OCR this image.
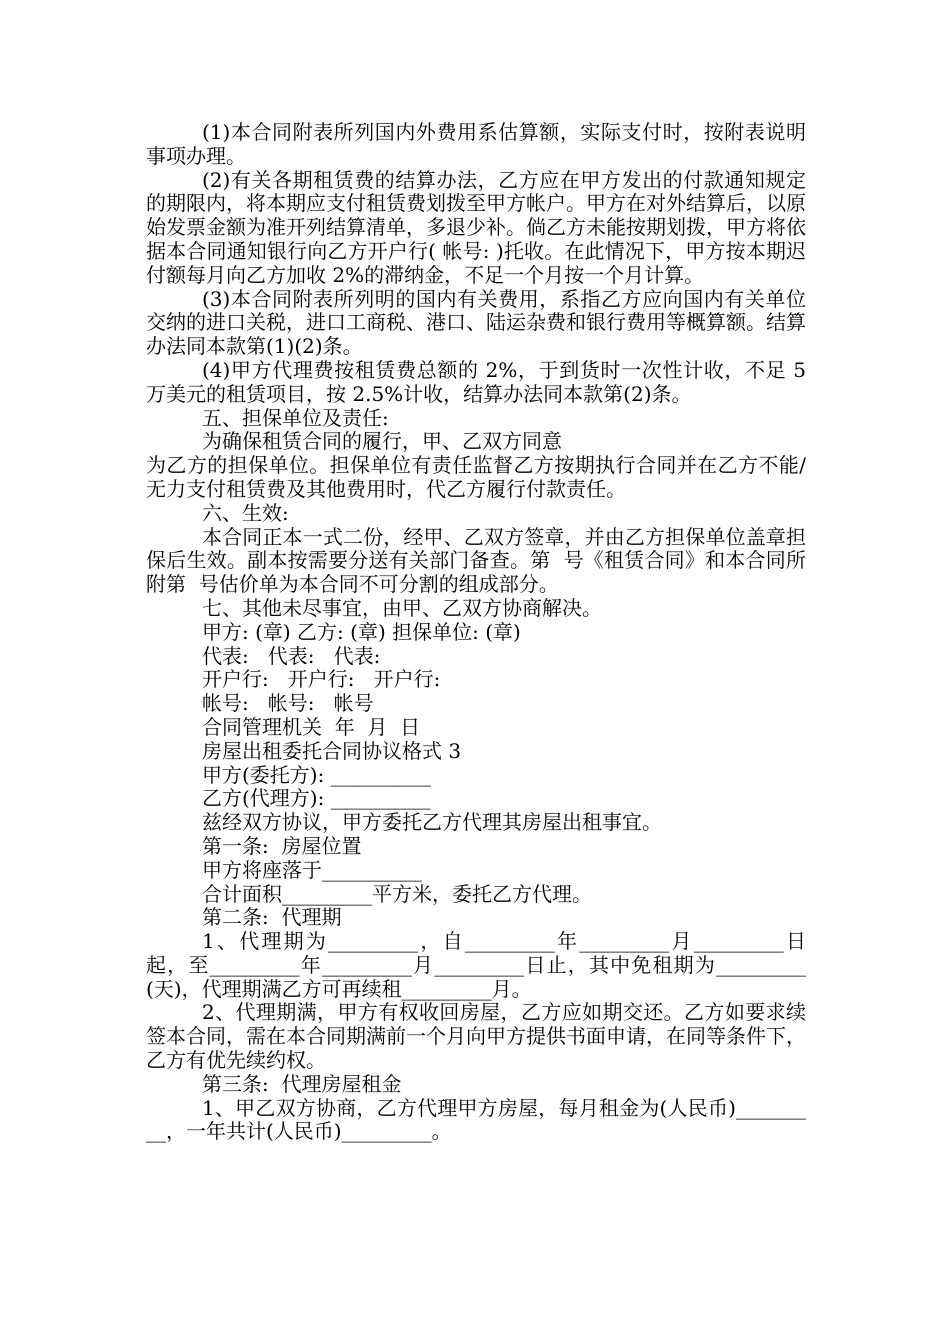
(1)本合同附表所列国内外费用系估算额，实际支付时，按附表说明事项办理。

(2)有关各期租赁费的结算办法，乙方应在甲方发出的付款通知规定的期限内，将本期应支付租赁费划拨至甲方帐户。甲方在对外结算后，以原始发票金额为准开列结算清单，多退少补。倘乙方未能按期划拨，甲方将依据本合同通知银行向乙方开户行( 帐号: )托收。在此情况下，甲方按本期迟付额每月向乙方加收 2%的滞纳金，不足一个月按一个月计算。

(3)本合同附表所列明的国内有关费用，系指乙方应向国内有关单位交纳的进口关税，进口工商税、港口、陆运杂费和银行费用等概算额。结算办法同本款第(1)(2)条。

(4)甲方代理费按租赁费总额的 2%，于到货时一次性计收，不足 5 万美元的租赁项目，按 2.5%计收，结算办法同本款第(2)条。

五、担保单位及责任:

为确保租赁合同的履行，甲、乙双方同意

为乙方的担保单位。担保单位有责任监督乙方按期执行合同并在乙方不能/无力支付租赁费及其他费用时，代乙方履行付款责任。

六、生效:

本合同正本一式二份，经甲、乙双方签章，并由乙方担保单位盖章担保后生效。副本按需要分送有关部门备查。第  号《租赁合同》和本合同所附第  号估价单为本合同不可分割的组成部分。

七、其他未尽事宜，由甲、乙双方协商解决。

甲方: (章) 乙方: (章) 担保单位: (章)

代表:   代表:   代表:

开户行:   开户行:   开户行:

帐号:   帐号:   帐号

合同管理机关  年  月  日

房屋出租委托合同协议格式 3

甲方(委托方): __________

乙方(代理方): __________

兹经双方协议，甲方委托乙方代理其房屋出租事宜。

第一条:  房屋位置

甲方将座落于__________

合计面积_________平方米，委托乙方代理。

第二条:  代理期

1、代理期为_________，自_________年_________月_________日起，至_________年_________月_________日止，其中免租期为_________(天)，代理期满乙方可再续租_________月。

2、代理期满，甲方有权收回房屋，乙方应如期交还。乙方如要求续签本合同，需在本合同期满前一个月向甲方提供书面申请，在同等条件下，乙方有优先续约权。

第三条:  代理房屋租金

1、甲乙双方协商，乙方代理甲方房屋，每月租金为(人民币)_________，一年共计(人民币)_________。
